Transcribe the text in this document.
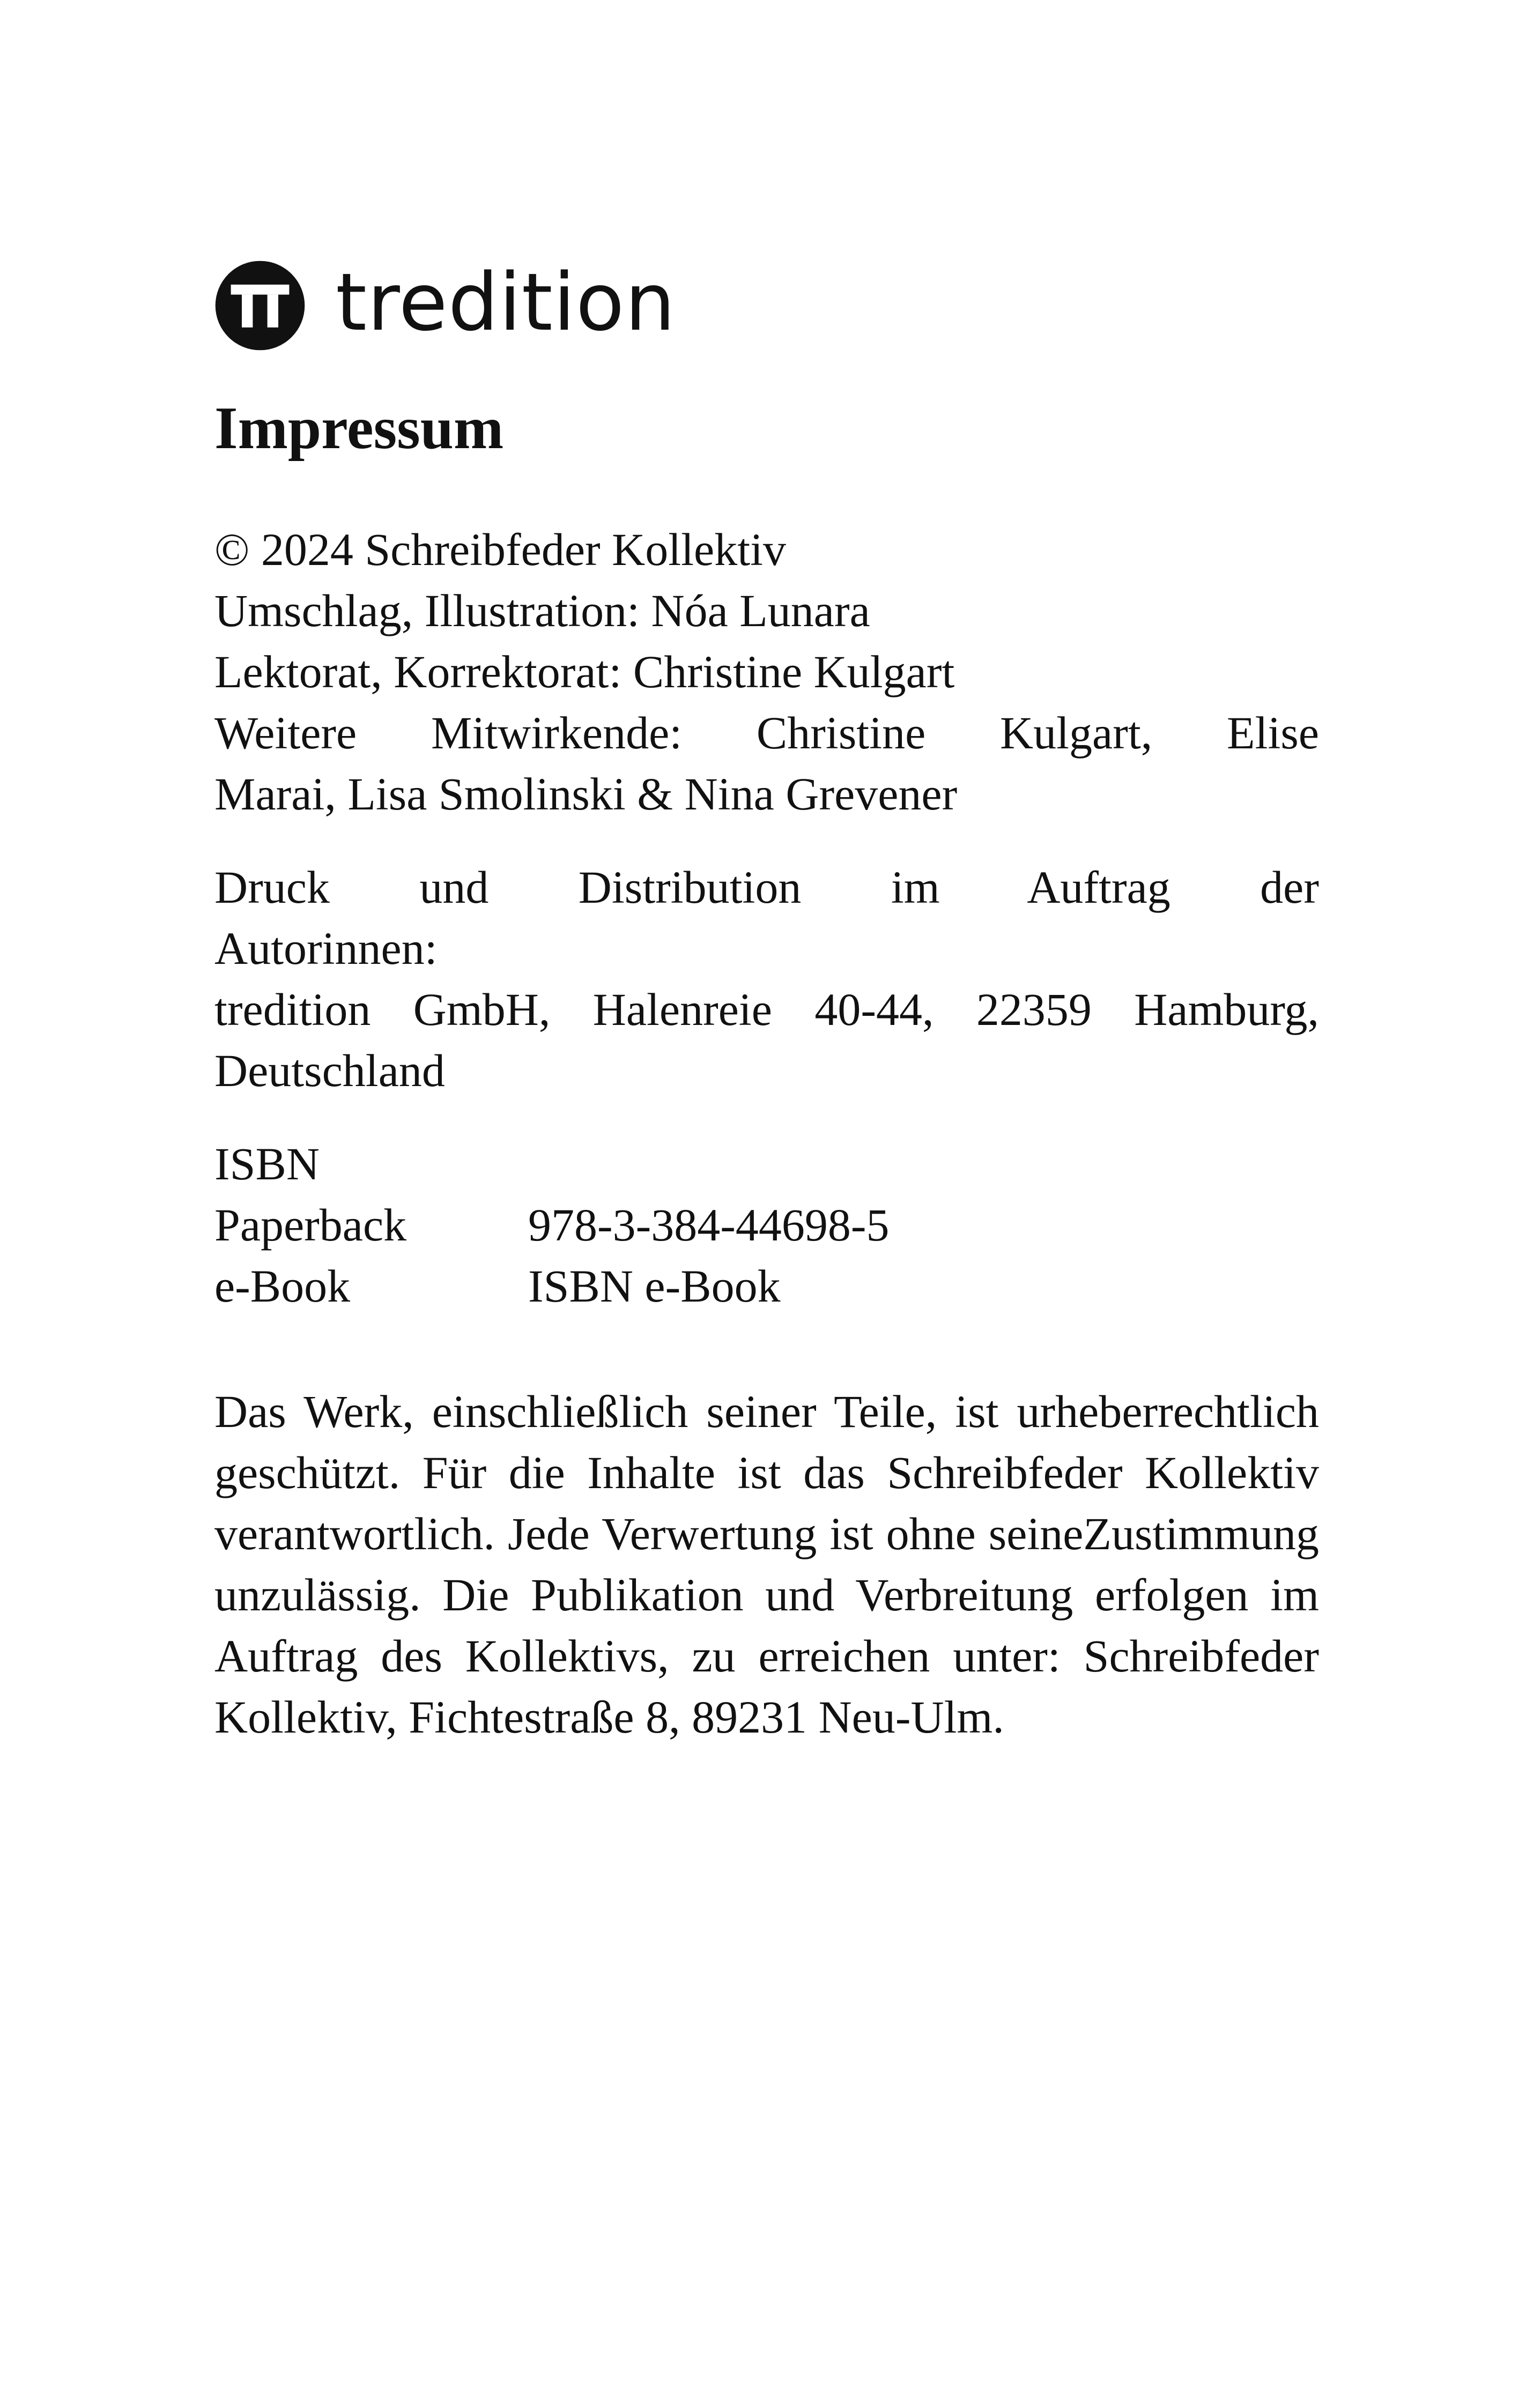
tredition
Impressum
© 2024 Schreibfeder Kollektiv
Umschlag, Illustration: Nóa Lunara
Lektorat, Korrektorat: Christine Kulgart
Weitere Mitwirkende: Christine Kulgart, Elise
Marai, Lisa Smolinski & Nina Grevener
Druck und Distribution im Auftrag der
Autorinnen:
tredition GmbH, Halenreie 40-44, 22359 Hamburg,
Deutschland
ISBN
Paperback	978-3-384-44698-5
e-Book	ISBN e-Book
Das Werk, einschließlich seiner Teile, ist urheberrechtlich geschützt. Für die Inhalte ist das Schreibfeder Kollektiv verantwortlich. Jede Verwertung ist ohne seineZustimmung unzulässig. Die Publikation und Verbreitung erfolgen im Auftrag des Kollektivs, zu erreichen unter: Schreibfeder Kollektiv, Fichtestraße 8, 89231 Neu-Ulm.
